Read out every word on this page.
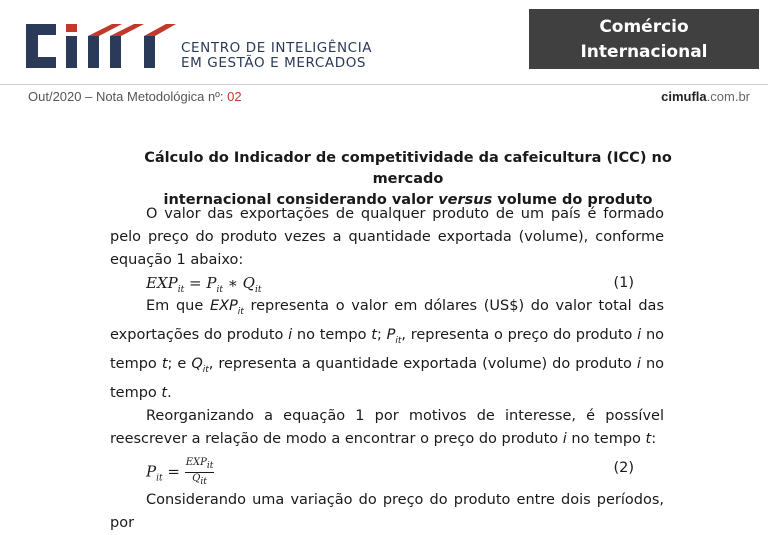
CENTRO DE INTELIGÊNCIA
EM GESTÃO E MERCADOS
Comércio
Internacional
Out/2020 – Nota Metodológica nº: 02	cimufla.com.br
Cálculo do Indicador de competitividade da cafeicultura (ICC) no mercado
internacional considerando valor versus volume do produto

O valor das exportações de qualquer produto de um país é formado pelo preço do produto vezes a quantidade exportada (volume), conforme equação 1 abaixo:

$EXP_{it} = P_{it}$ ∗ $Q_{it}$	(1)

Em que $EXP_{it}$ representa o valor em dólares (US$) do valor total das exportações do produto i no tempo t; $P_{it}$, representa o preço do produto i no tempo t; e $Q_{it}$, representa a quantidade exportada (volume) do produto i no tempo t.

Reorganizando a equação 1 por motivos de interesse, é possível reescrever a relação de modo a encontrar o preço do produto i no tempo t:

$P_{it} = \frac{EXP_{it}}{Q_{it}}$	(2)

Considerando uma variação do preço do produto entre dois períodos, por
